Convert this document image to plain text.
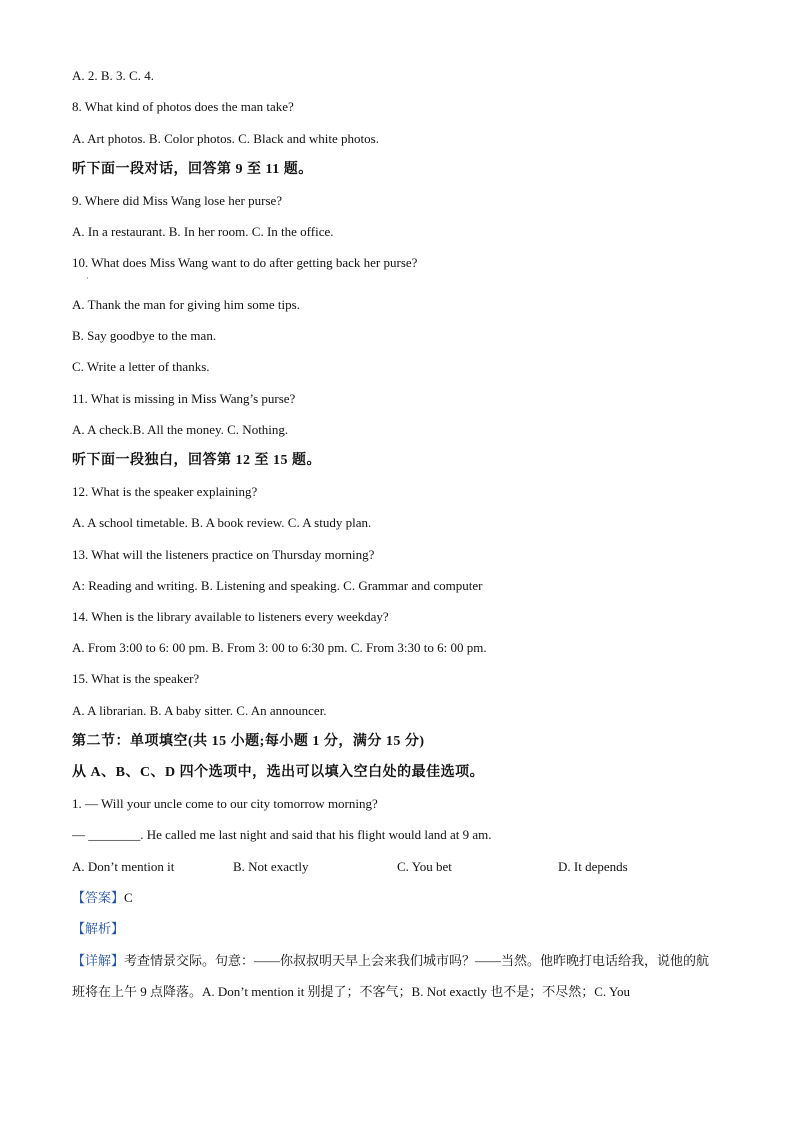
A. 2. B. 3. C. 4.
8. What kind of photos does the man take?
A. Art photos. B. Color photos. C. Black and white photos.
听下面一段对话，回答第 9 至 11 题。
9. Where did Miss Wang lose her purse?
A. In a restaurant. B. In her room. C. In the office.
10. What does Miss Wang want to do after getting back her purse?
·
A. Thank the man for giving him some tips.
B. Say goodbye to the man.
C. Write a letter of thanks.
11. What is missing in Miss Wang’s purse?
A. A check.B. All the money. C. Nothing.
听下面一段独白，回答第 12 至 15 题。
12. What is the speaker explaining?
A. A school timetable. B. A book review. C. A study plan.
13. What will the listeners practice on Thursday morning?
A: Reading and writing. B. Listening and speaking. C. Grammar and computer
14. When is the library available to listeners every weekday?
A. From 3:00 to 6: 00 pm. B. From 3: 00 to 6:30 pm. C. From 3:30 to 6: 00 pm.
15. What is the speaker?
A. A librarian. B. A baby sitter. C. An announcer.
第二节：单项填空(共 15 小题;每小题 1 分，满分 15 分)
从 A、B、C、D 四个选项中，选出可以填入空白处的最佳选项。
1. — Will your uncle come to our city tomorrow morning?
— ________. He called me last night and said that his flight would land at 9 am.
A. Don’t mention it	B. Not exactly	C. You bet	D. It depends
【答案】C
【解析】
【详解】考查情景交际。句意：——你叔叔明天早上会来我们城市吗？——当然。他昨晚打电话给我，说他的航班将在上午 9 点降落。A. Don’t mention it 别提了；不客气；B. Not exactly 也不是；不尽然；C. You
